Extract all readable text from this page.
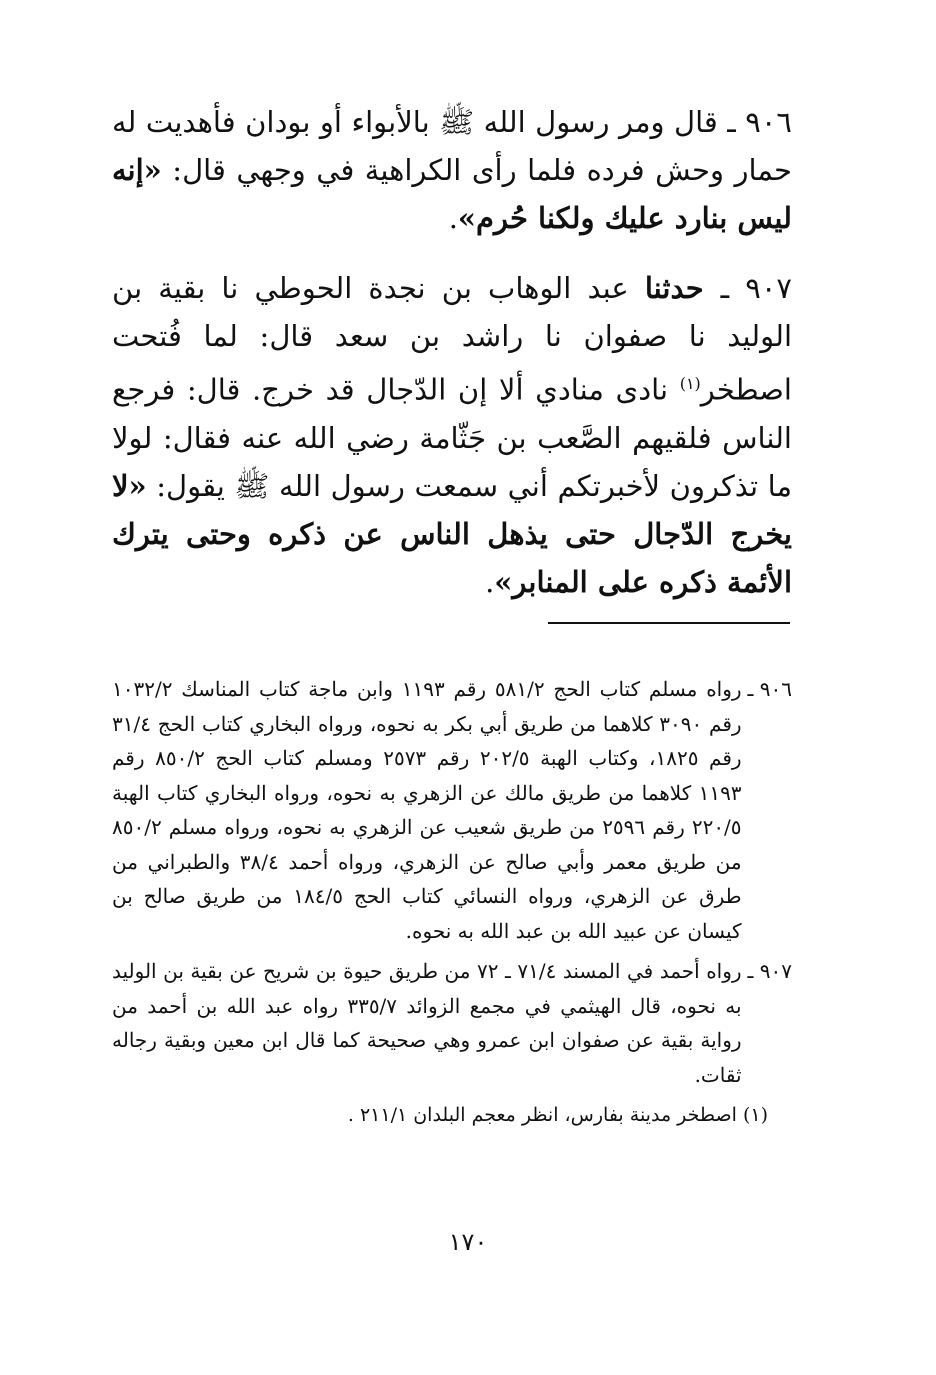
٩٠٦ ـ قال ومر رسول الله ﷺ بالأبواء أو بودان فأهديت له حمار وحش فرده فلما رأى الكراهية في وجهي قال: «إنه ليس بنارد عليك ولكنا حُرم».

٩٠٧ ـ حدثنا عبد الوهاب بن نجدة الحوطي نا بقية بن الوليد نا صفوان نا راشد بن سعد قال: لما فُتحت اصطخر$^{(١)}$ نادى منادي ألا إن الدّجال قد خرج. قال: فرجع الناس فلقيهم الصَّعب بن جَثّامة رضي الله عنه فقال: لولا ما تذكرون لأخبرتكم أني سمعت رسول الله ﷺ يقول: «لا يخرج الدّجال حتى يذهل الناس عن ذكره وحتى يترك الأئمة ذكره على المنابر».

٩٠٦ ـ
رواه مسلم كتاب الحج ٥٨١/٢ رقم ١١٩٣ وابن ماجة كتاب المناسك ١٠٣٢/٢ رقم ٣٠٩٠ كلاهما من طريق أبي بكر به نحوه، ورواه البخاري كتاب الحج ٣١/٤ رقم ١٨٢٥، وكتاب الهبة ٢٠٢/٥ رقم ٢٥٧٣ ومسلم كتاب الحج ٨٥٠/٢ رقم ١١٩٣ كلاهما من طريق مالك عن الزهري به نحوه، ورواه البخاري كتاب الهبة ٢٢٠/٥ رقم ٢٥٩٦ من طريق شعيب عن الزهري به نحوه، ورواه مسلم ٨٥٠/٢ من طريق معمر وأبي صالح عن الزهري، ورواه أحمد ٣٨/٤ والطبراني من طرق عن الزهري، ورواه النسائي كتاب الحج ١٨٤/٥ من طريق صالح بن كيسان عن عبيد الله بن عبد الله به نحوه.
٩٠٧ ـ
رواه أحمد في المسند ٧١/٤ ـ ٧٢ من طريق حيوة بن شريح عن بقية بن الوليد به نحوه، قال الهيثمي في مجمع الزوائد ٣٣٥/٧ رواه عبد الله بن أحمد من رواية بقية عن صفوان ابن عمرو وهي صحيحة كما قال ابن معين وبقية رجاله ثقات.
(١) اصطخر مدينة بفارس، انظر معجم البلدان ٢١١/١ .
١٧٠
